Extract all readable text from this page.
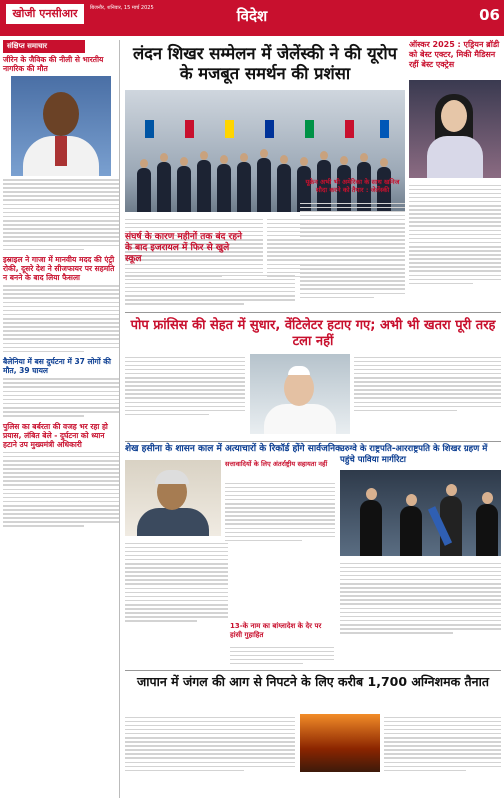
खोजी एनसीआर	बिजनौर, शनिवार, 15 मार्च 2025	विदेश	06
संक्षिप्त समाचार
जीरेन के जैविक की नीली से भारतीय नागरिक की मौत
इस्राइल ने गाजा में मानवीय मदद की एंट्री रोकी, दूसरे देश ने सीजफायर पर सहमति न बनने के बाद लिया फैसला
बैलेनिया में बस दुर्घटना में 37 लोगों की मौत, 39 घायल
पुलिस का बर्बरता की वजह भर रहा हो प्रयास, लंबित बेले - दुर्घटना को ध्यान हटाने उप मुख्यमंत्री अधिकारी
लंदन शिखर सम्मेलन में जेलेंस्की ने की यूरोप के मजबूत समर्थन की प्रशंसा
यूक्रेन अभी भी अमेरिका के साथ खनिज सौदा करने को तैयार : जेलेंस्की
ऑस्कर 2025 : एड्रियन ब्रॉडी को बेस्ट एक्टर, मिकी मैडिसन रहीं बेस्ट एक्ट्रेस
संघर्ष के कारण महीनों तक बंद रहने के बाद इजरायल में फिर से खुले स्कूल
पोप फ्रांसिस की सेहत में सुधार, वेंटिलेटर हटाए गए; अभी भी खतरा पूरी तरह टला नहीं
शेख हसीना के शासन काल में अत्याचारों के रिकॉर्ड होंगे सार्वजनिक
सत्तावादियों के लिए अंतर्राष्ट्रीय सहायता नहीं
13-के नाम का बांग्लादेश के देर पर हांसी गुहाहित
उरुग्वे के राष्ट्रपति-आरराष्ट्रपति के शिखर ग्रहण में पहुंचे पाविया मार्गरिटा
जापान में जंगल की आग से निपटने के लिए करीब 1,700 अग्निशमक तैनात
